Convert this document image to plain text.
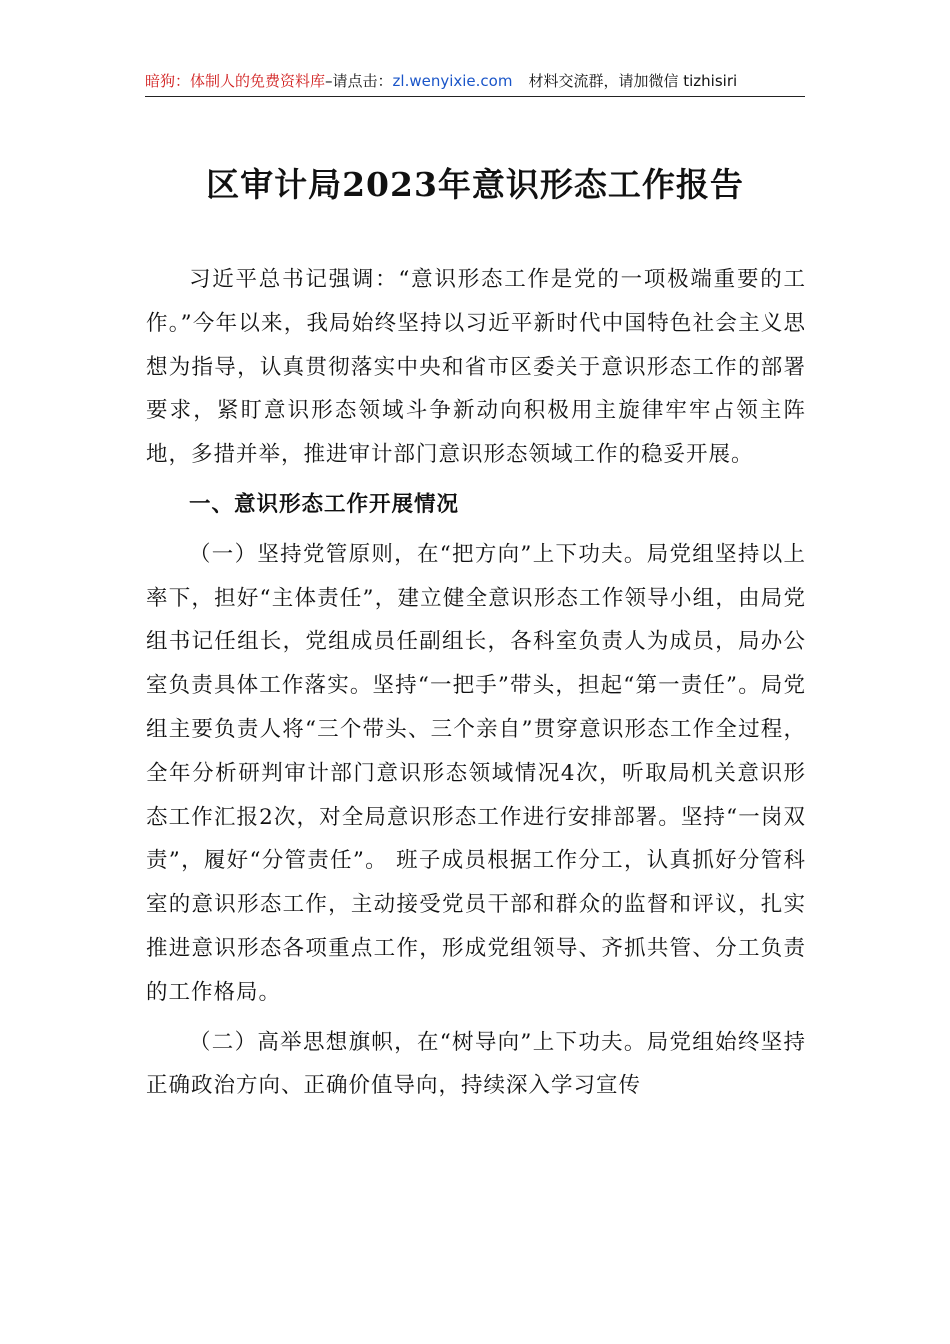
暗狗：体制人的免费资料库–请点击：zl.wenyixie.com 材料交流群，请加微信 tizhisiri
区审计局2023年意识形态工作报告

习近平总书记强调：“意识形态工作是党的一项极端重要的工作。”今年以来，我局始终坚持以习近平新时代中国特色社会主义思想为指导，认真贯彻落实中央和省市区委关于意识形态工作的部署要求，紧盯意识形态领域斗争新动向积极用主旋律牢牢占领主阵地，多措并举，推进审计部门意识形态领域工作的稳妥开展。

一、意识形态工作开展情况

（一）坚持党管原则，在“把方向”上下功夫。局党组坚持以上率下，担好“主体责任”，建立健全意识形态工作领导小组，由局党组书记任组长，党组成员任副组长，各科室负责人为成员，局办公室负责具体工作落实。坚持“一把手”带头，担起“第一责任”。局党组主要负责人将“三个带头、三个亲自”贯穿意识形态工作全过程，全年分析研判审计部门意识形态领域情况4次，听取局机关意识形态工作汇报2次，对全局意识形态工作进行安排部署。坚持“一岗双责”，履好“分管责任”。 班子成员根据工作分工，认真抓好分管科室的意识形态工作，主动接受党员干部和群众的监督和评议，扎实推进意识形态各项重点工作，形成党组领导、齐抓共管、分工负责的工作格局。

（二）高举思想旗帜，在“树导向”上下功夫。局党组始终坚持正确政治方向、正确价值导向，持续深入学习宣传
